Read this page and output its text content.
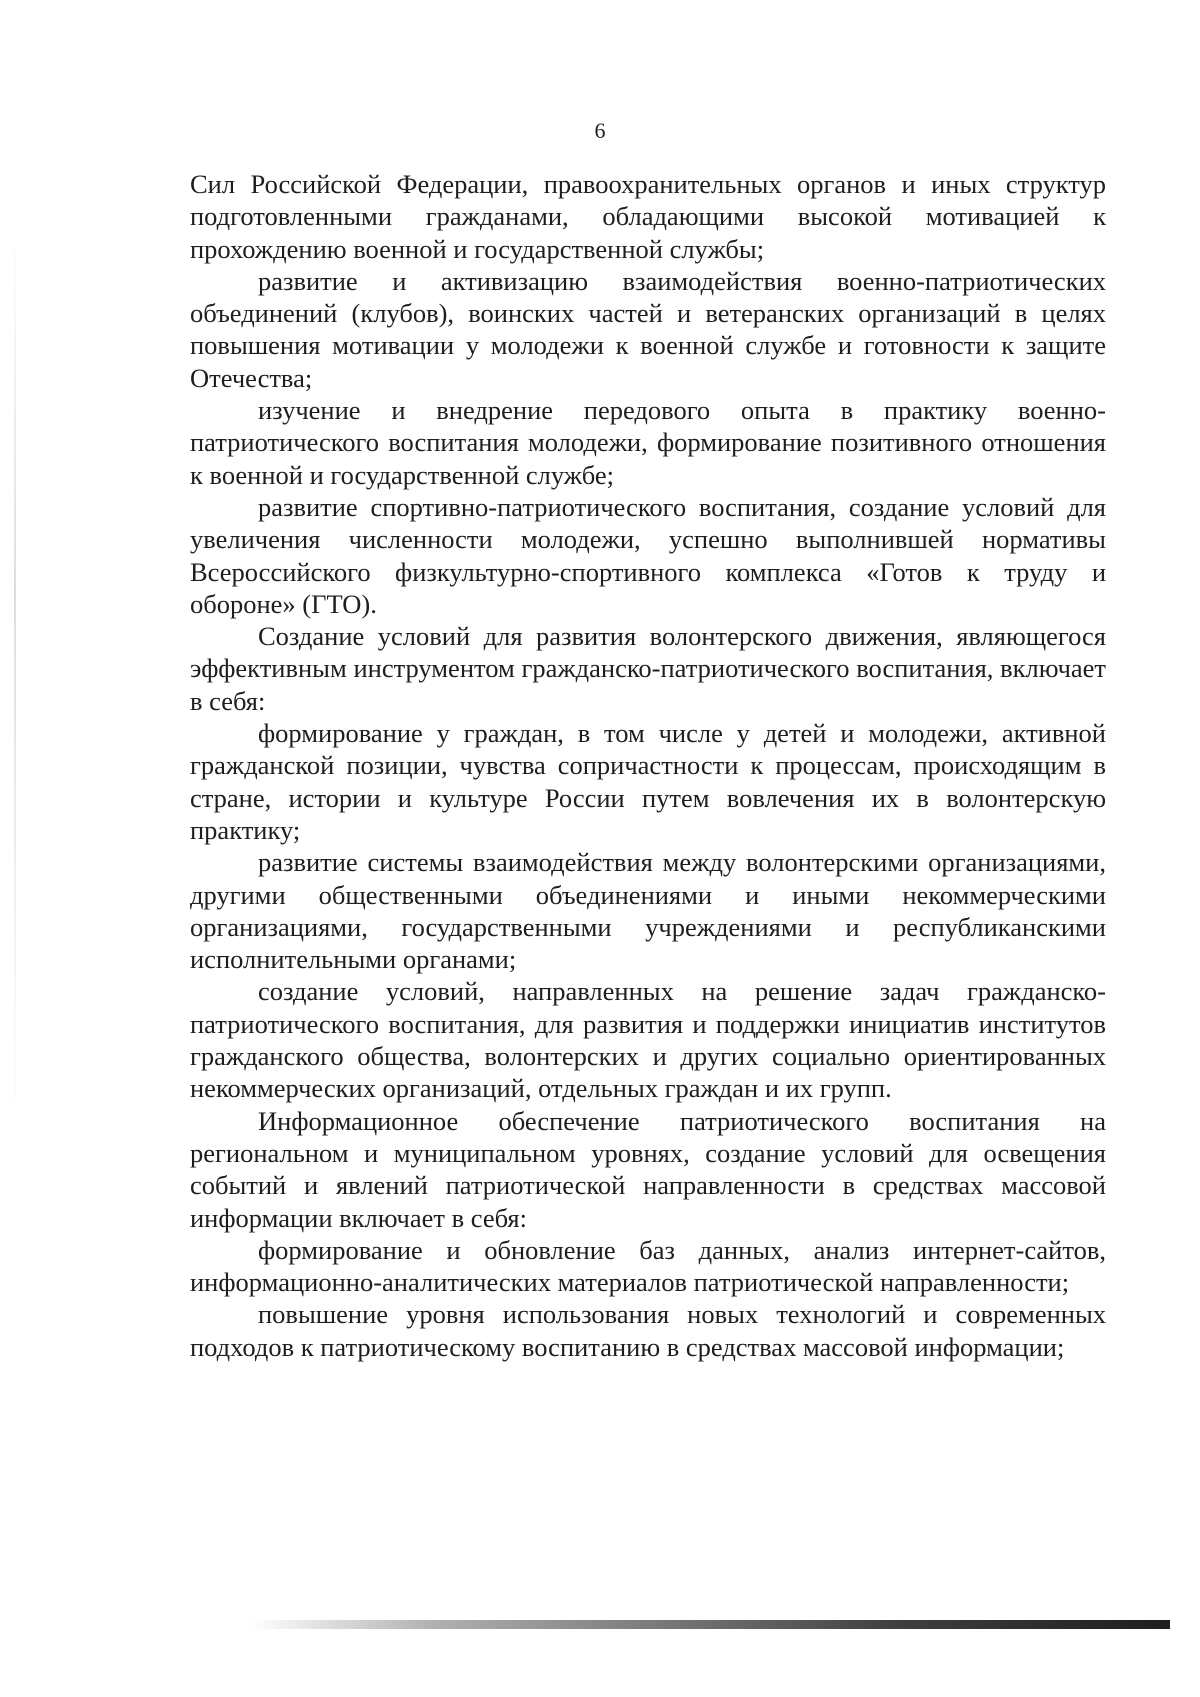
6

Сил Российской Федерации, правоохранительных органов и иных структур подготовленными гражданами, обладающими высокой мотивацией к прохождению военной и государственной службы;

развитие и активизацию взаимодействия военно-патриотических объединений (клубов), воинских частей и ветеранских организаций в целях повышения мотивации у молодежи к военной службе и готовности к защите Отечества;

изучение и внедрение передового опыта в практику военно-патриотического воспитания молодежи, формирование позитивного отношения к военной и государственной службе;

развитие спортивно-патриотического воспитания, создание условий для увеличения численности молодежи, успешно выполнившей нормативы Всероссийского физкультурно-спортивного комплекса «Готов к труду и обороне» (ГТО).

Создание условий для развития волонтерского движения, являющегося эффективным инструментом гражданско-патриотического воспитания, включает в себя:

формирование у граждан, в том числе у детей и молодежи, активной гражданской позиции, чувства сопричастности к процессам, происходящим в стране, истории и культуре России путем вовлечения их в волонтерскую практику;

развитие системы взаимодействия между волонтерскими организациями, другими общественными объединениями и иными некоммерческими организациями, государственными учреждениями и республиканскими исполнительными органами;

создание условий, направленных на решение задач гражданско-патриотического воспитания, для развития и поддержки инициатив институтов гражданского общества, волонтерских и других социально ориентированных некоммерческих организаций, отдельных граждан и их групп.

Информационное обеспечение патриотического воспитания на региональном и муниципальном уровнях, создание условий для освещения событий и явлений патриотической направленности в средствах массовой информации включает в себя:

формирование и обновление баз данных, анализ интернет-сайтов, информационно-аналитических материалов патриотической направленности;

повышение уровня использования новых технологий и современных подходов к патриотическому воспитанию в средствах массовой информации;
